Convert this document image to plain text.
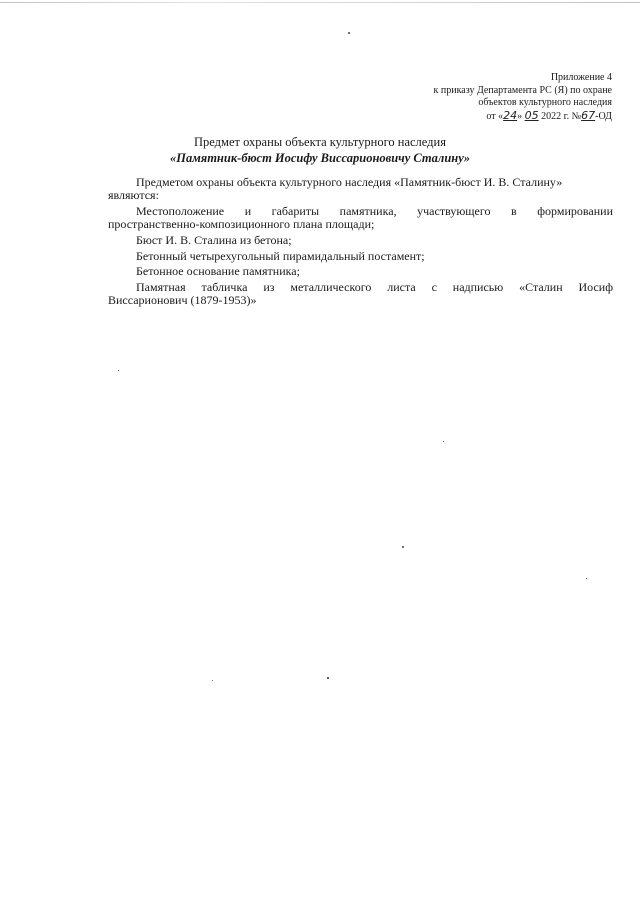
Приложение 4
к приказу Департамента РС (Я) по охране
объектов культурного наследия
от «24» 05 2022 г. №67-ОД
Предмет охраны объекта культурного наследия
«Памятник-бюст Иосифу Виссарионовичу Сталину»
Предметом охраны объекта культурного наследия «Памятник-бюст И. В. Сталину»
являются:
Местоположение и габариты памятника, участвующего в формировании
пространственно-композиционного плана площади;
Бюст И. В. Сталина из бетона;
Бетонный четырехугольный пирамидальный постамент;
Бетонное основание памятника;
Памятная табличка из металлического листа с надписью «Сталин Иосиф
Виссарионович (1879-1953)»
